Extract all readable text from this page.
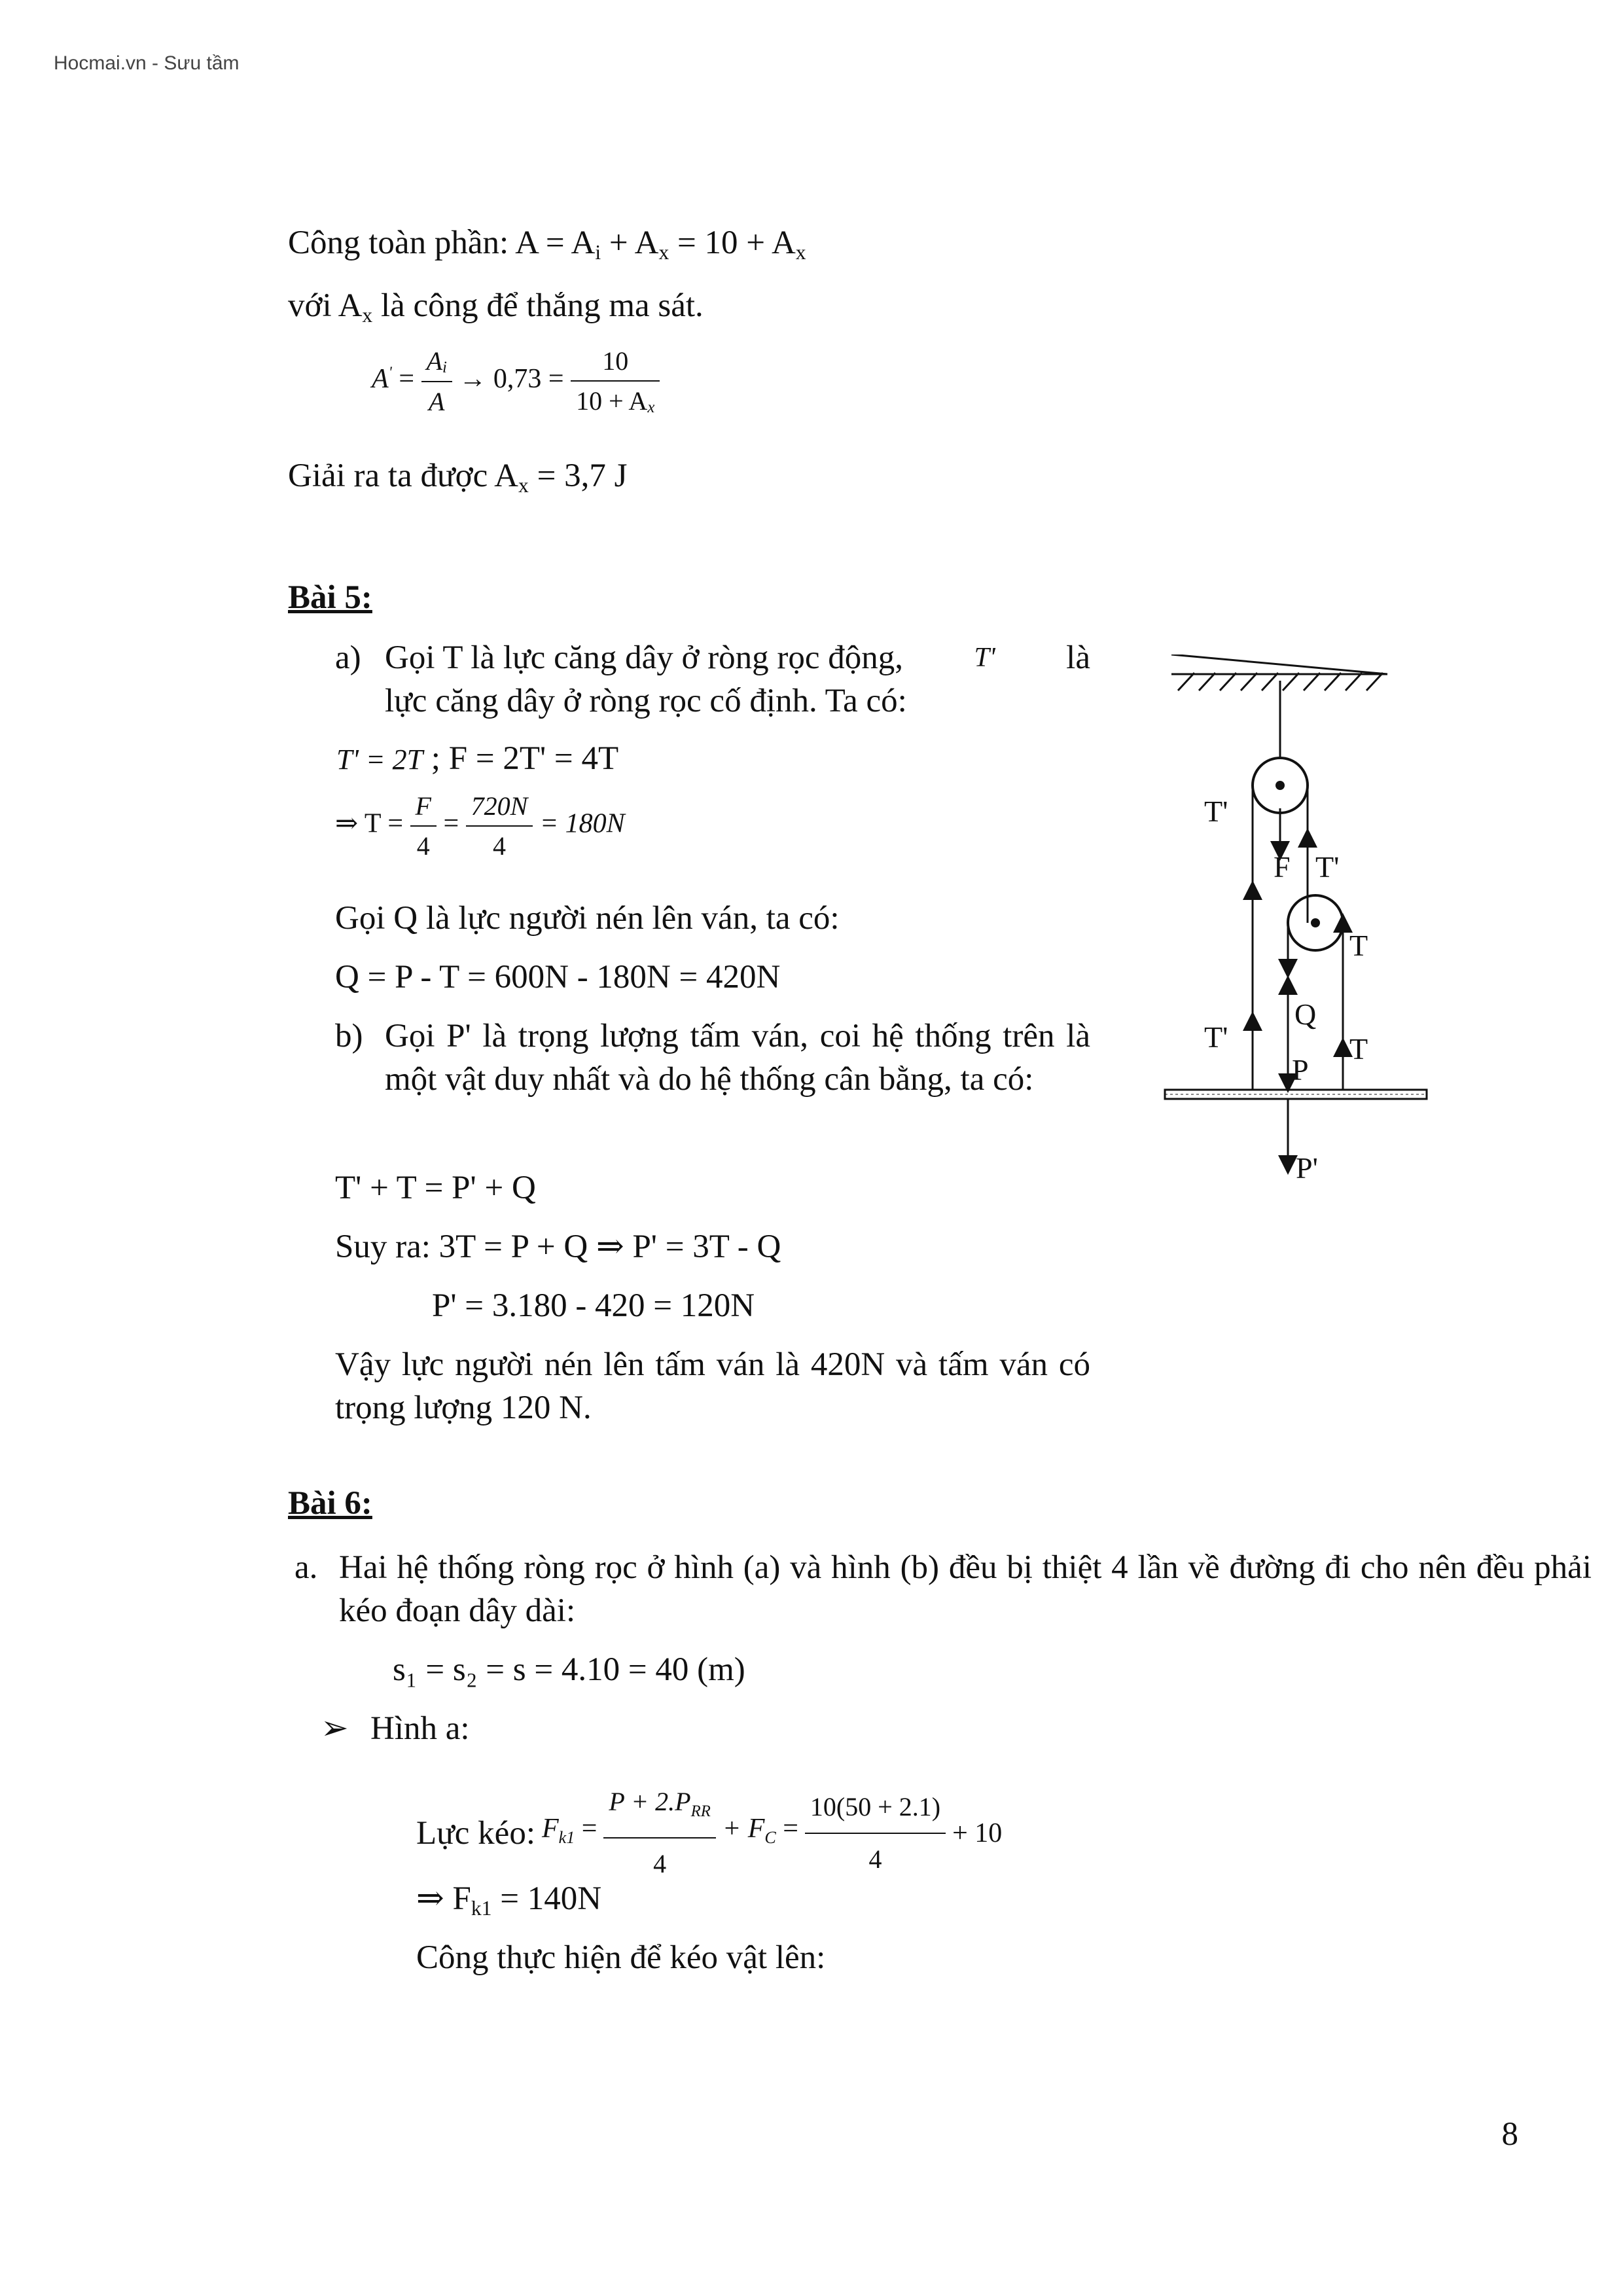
Hocmai.vn - Sưu tầm
Công toàn phần: $A = A_i + A_x = 10 + A_x$
với $A_x$ là công để thắng ma sát.
$A' = \frac{A_i}{A} \to 0,73 = \frac{10}{10 + A_x}$
Giải ra ta được $A_x = 3,7$ J
Bài 5:
a) Gọi T là lực căng dây ở ròng rọc động,	T' là
lực căng dây ở ròng rọc cố định. Ta có:
T' = 2T ; F = 2T' = 4T
⇒ $T = \frac{F}{4} = \frac{720N}{4} = 180N$
Gọi Q là lực người nén lên ván, ta có:
Q = P - T = 600N - 180N = 420N
b) Gọi P' là trọng lượng tấm ván, coi hệ thống trên là một vật duy nhất và do hệ thống cân bằng, ta có:
T' + T = P' + Q
Suy ra: 3T = P + Q ⇒ P' = 3T - Q
P' = 3.180 - 420 = 120N
Vậy lực người nén lên tấm ván là 420N và tấm ván có trọng lượng 120 N.
T'
F T'
T
T'
Q
P
T
P'
Bài 6:
a. Hai hệ thống ròng rọc ở hình (a) và hình (b) đều bị thiệt 4 lần về đường đi cho nên đều phải kéo đoạn dây dài:
s₁ = s₂ = s = 4.10 = 40 (m)
➢ Hình a:
Lực kéo: $F_{k1} = \frac{P + 2.P_{RR}}{4} + F_C = \frac{10(50 + 2.1)}{4} + 10$
⇒ $F_{k1} = 140N$
Công thực hiện để kéo vật lên:
8
